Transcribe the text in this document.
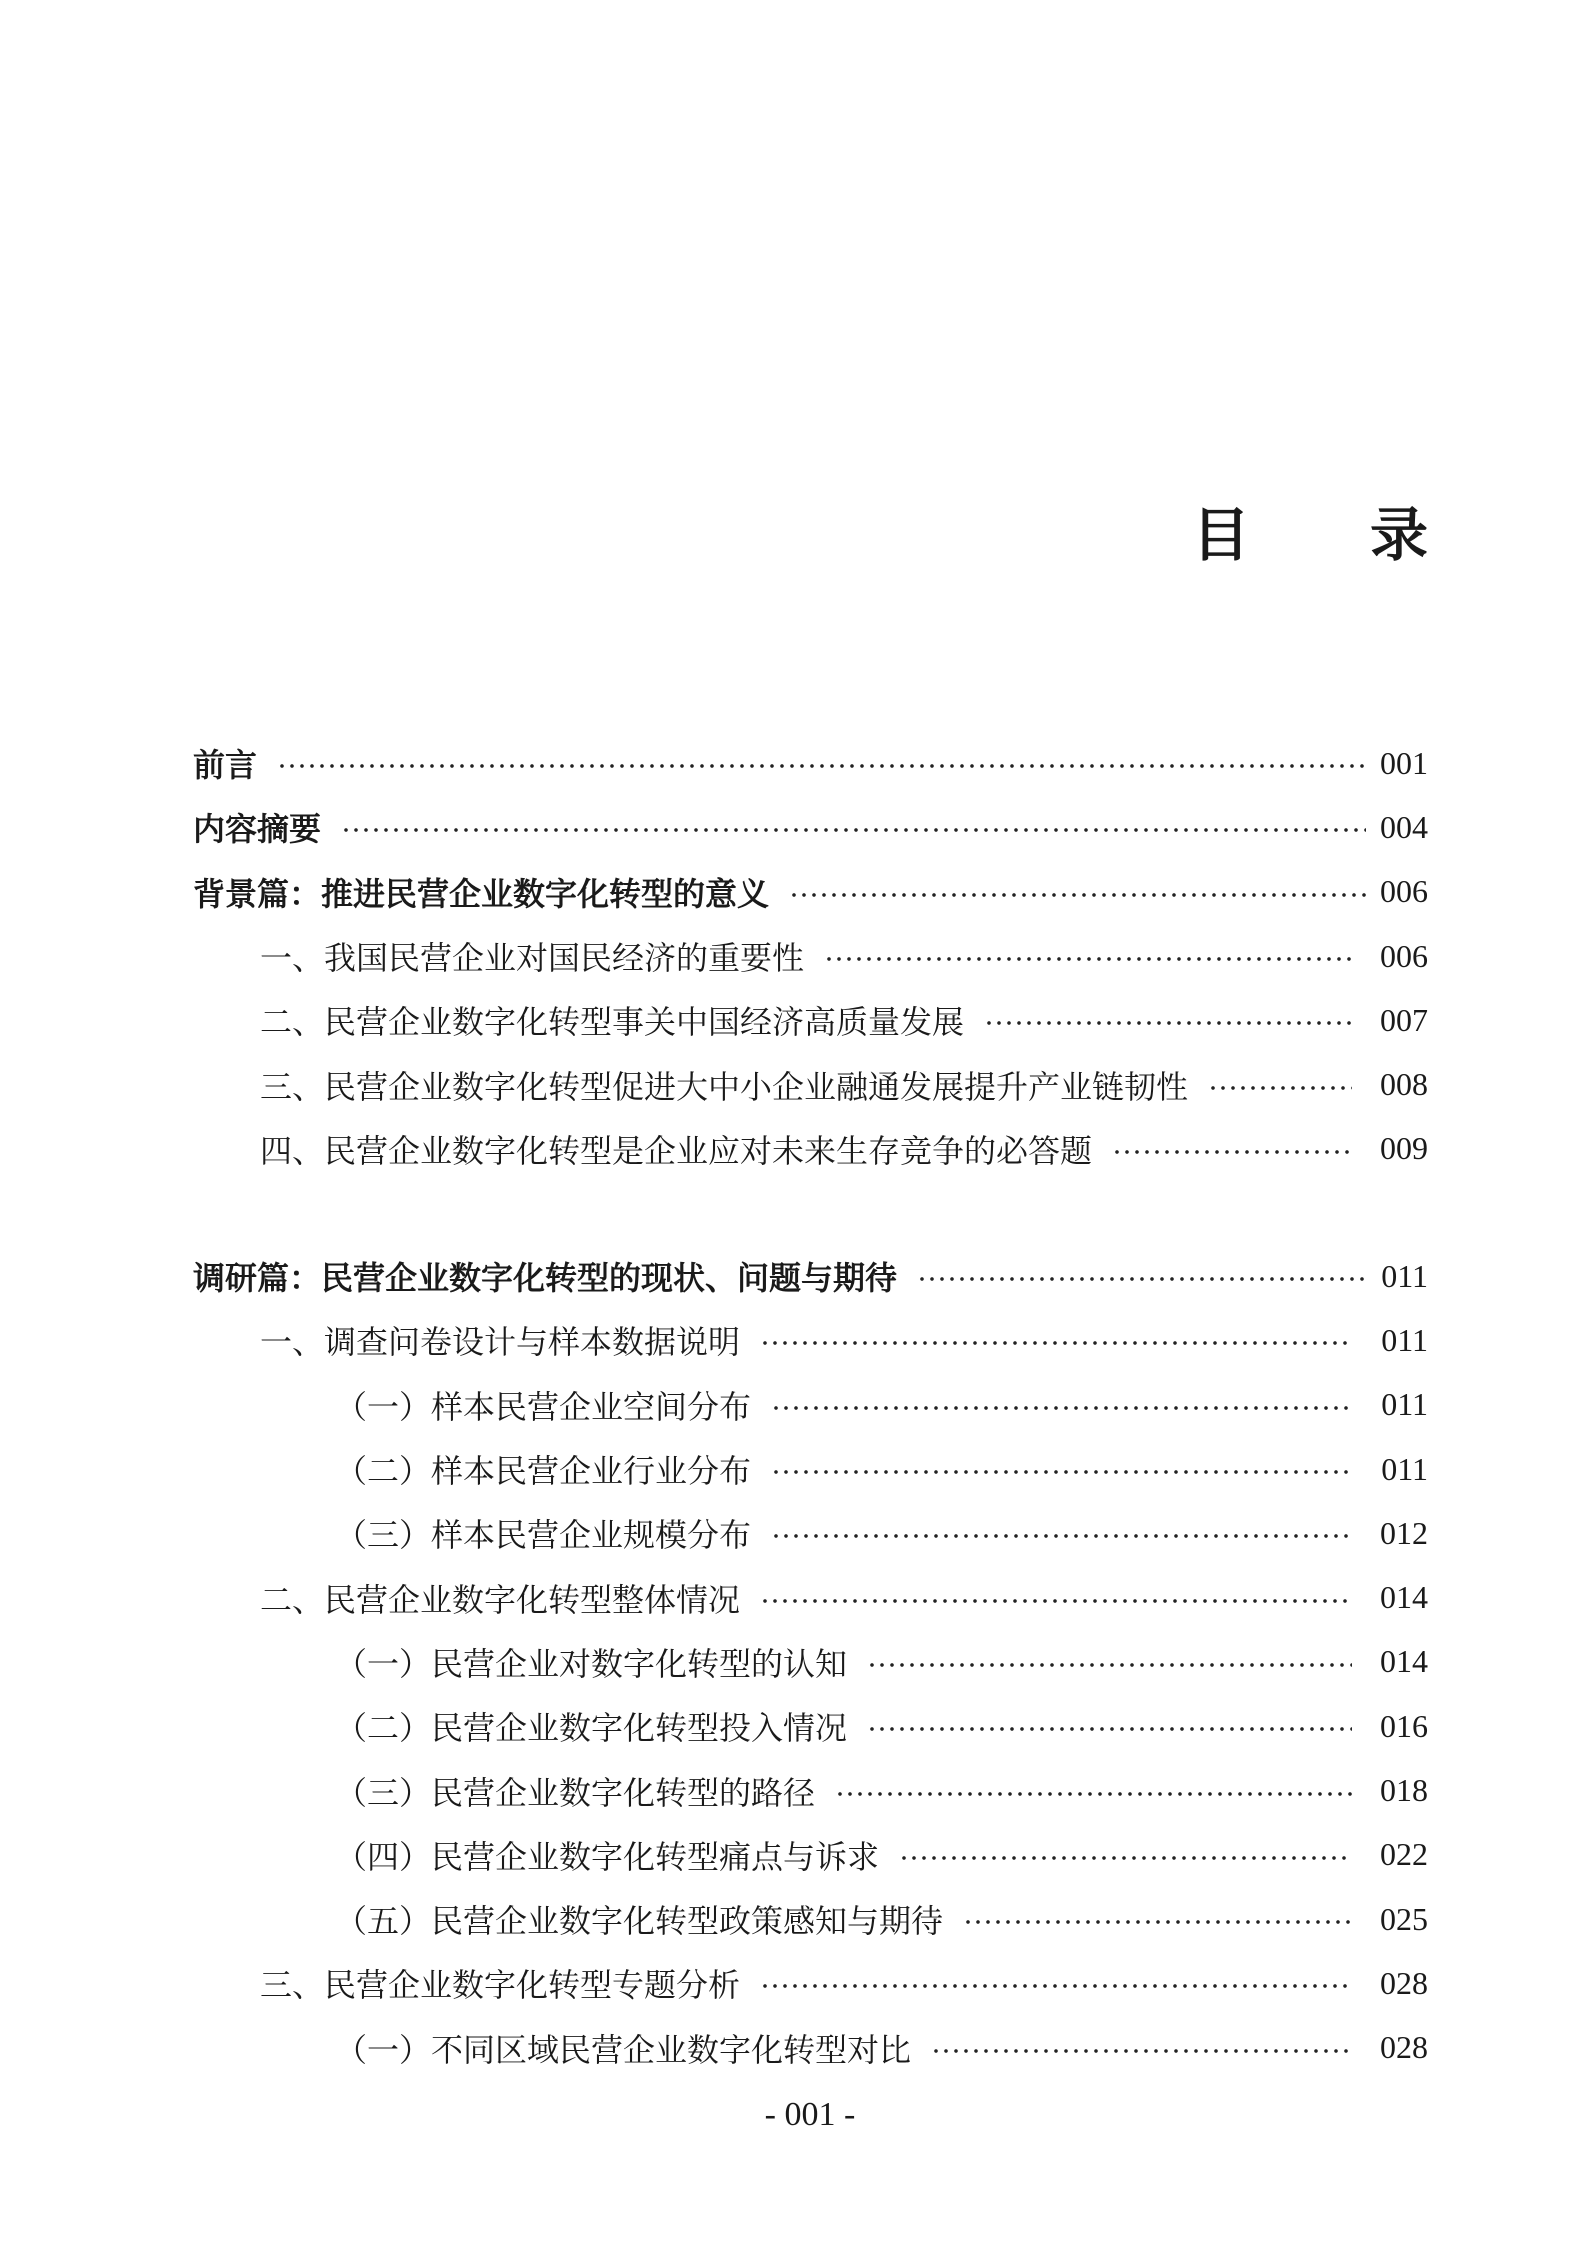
目 录
前言	001
内容摘要	004
背景篇：推进民营企业数字化转型的意义	006
一、我国民营企业对国民经济的重要性	006
二、民营企业数字化转型事关中国经济高质量发展	007
三、民营企业数字化转型促进大中小企业融通发展提升产业链韧性	008
四、民营企业数字化转型是企业应对未来生存竞争的必答题	009
调研篇：民营企业数字化转型的现状、问题与期待	011
一、调查问卷设计与样本数据说明	011
（一）样本民营企业空间分布	011
（二）样本民营企业行业分布	011
（三）样本民营企业规模分布	012
二、民营企业数字化转型整体情况	014
（一）民营企业对数字化转型的认知	014
（二）民营企业数字化转型投入情况	016
（三）民营企业数字化转型的路径	018
（四）民营企业数字化转型痛点与诉求	022
（五）民营企业数字化转型政策感知与期待	025
三、民营企业数字化转型专题分析	028
（一）不同区域民营企业数字化转型对比	028
- 001 -
